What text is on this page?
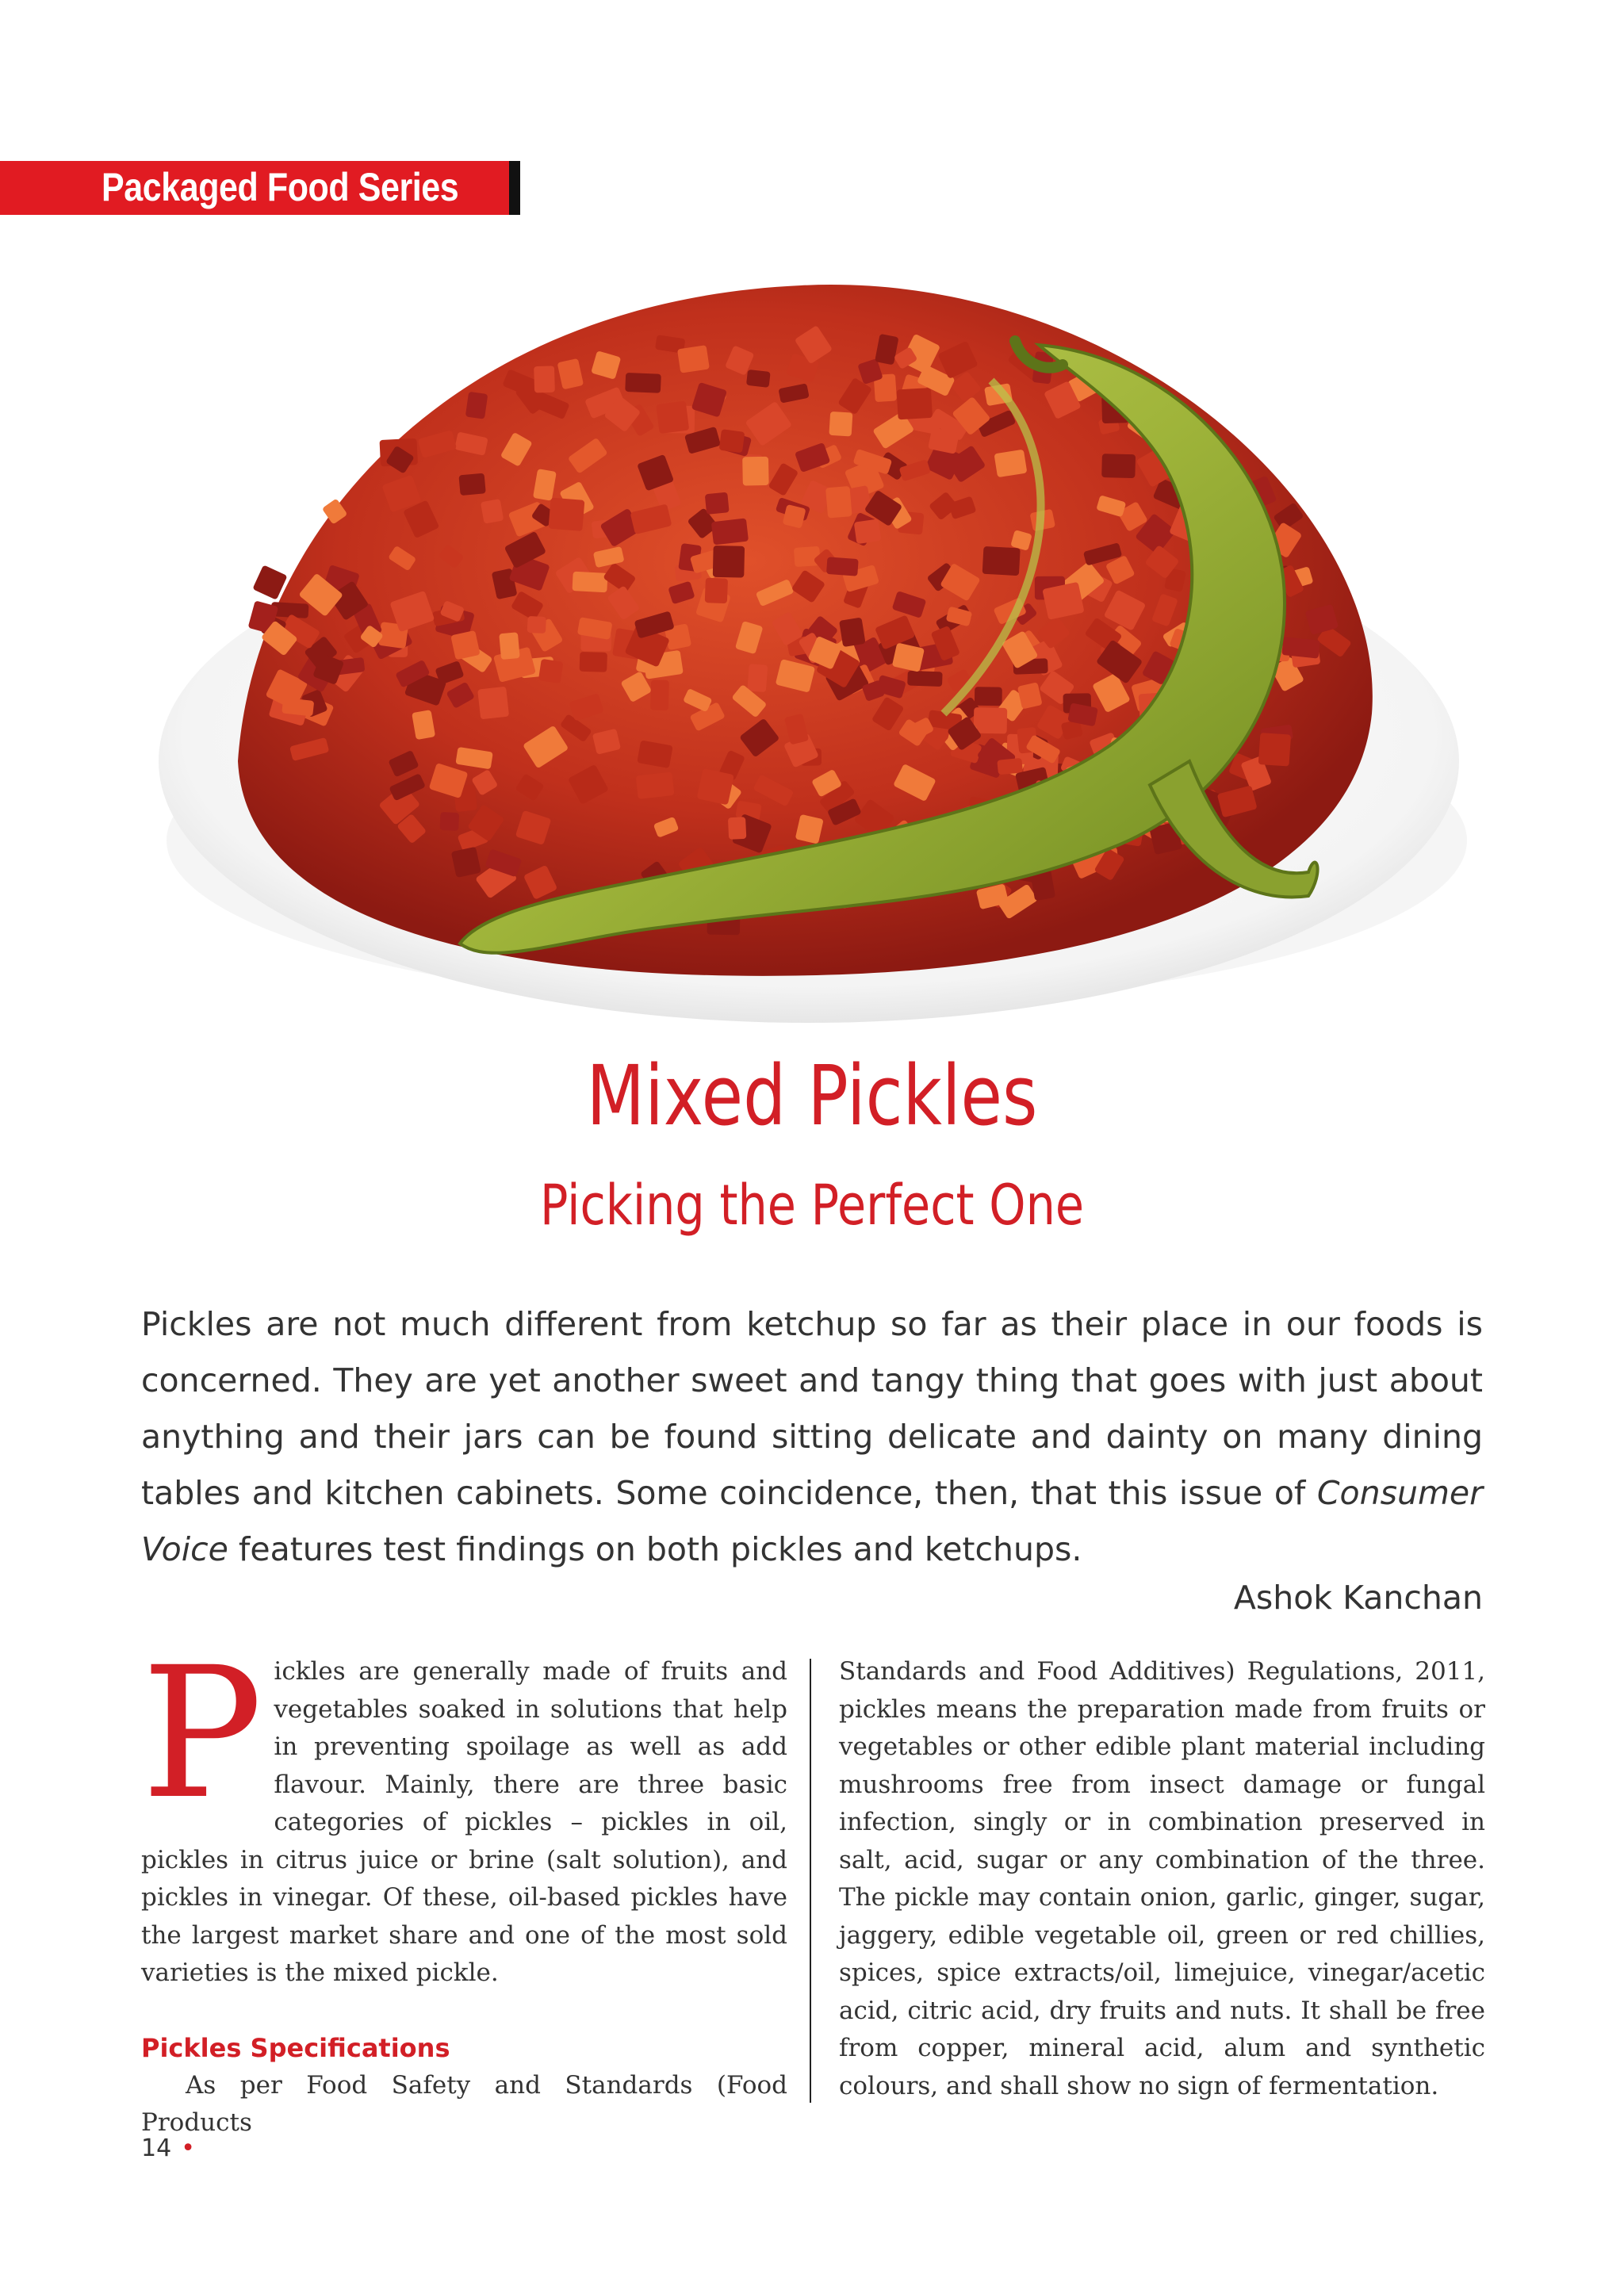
Packaged Food Series
Mixed Pickles
Picking the Perfect One
Pickles are not much different from ketchup so far as their place in our foods is concerned. They are yet another sweet and tangy thing that goes with just about anything and their jars can be found sitting delicate and dainty on many dining tables and kitchen cabinets. Some coincidence, then, that this issue of Consumer Voice features test findings on both pickles and ketchups.
Ashok Kanchan

Pickles are generally made of fruits and vegetables soaked in solutions that help in preventing spoilage as well as add flavour. Mainly, there are three basic categories of pickles – pickles in oil, pickles in citrus juice or brine (salt solution), and pickles in vinegar. Of these, oil-based pickles have the largest market share and one of the most sold varieties is the mixed pickle.

Pickles Specifications

As per Food Safety and Standards (Food Products

Standards and Food Additives) Regulations, 2011, pickles means the preparation made from fruits or vegetables or other edible plant material including mushrooms free from insect damage or fungal infection, singly or in combination preserved in salt, acid, sugar or any combination of the three. The pickle may contain onion, garlic, ginger, sugar, jaggery, edible vegetable oil, green or red chillies, spices, spice extracts/oil, limejuice, vinegar/acetic acid, citric acid, dry fruits and nuts. It shall be free from copper, mineral acid, alum and synthetic colours, and shall show no sign of fermentation.

14 •
